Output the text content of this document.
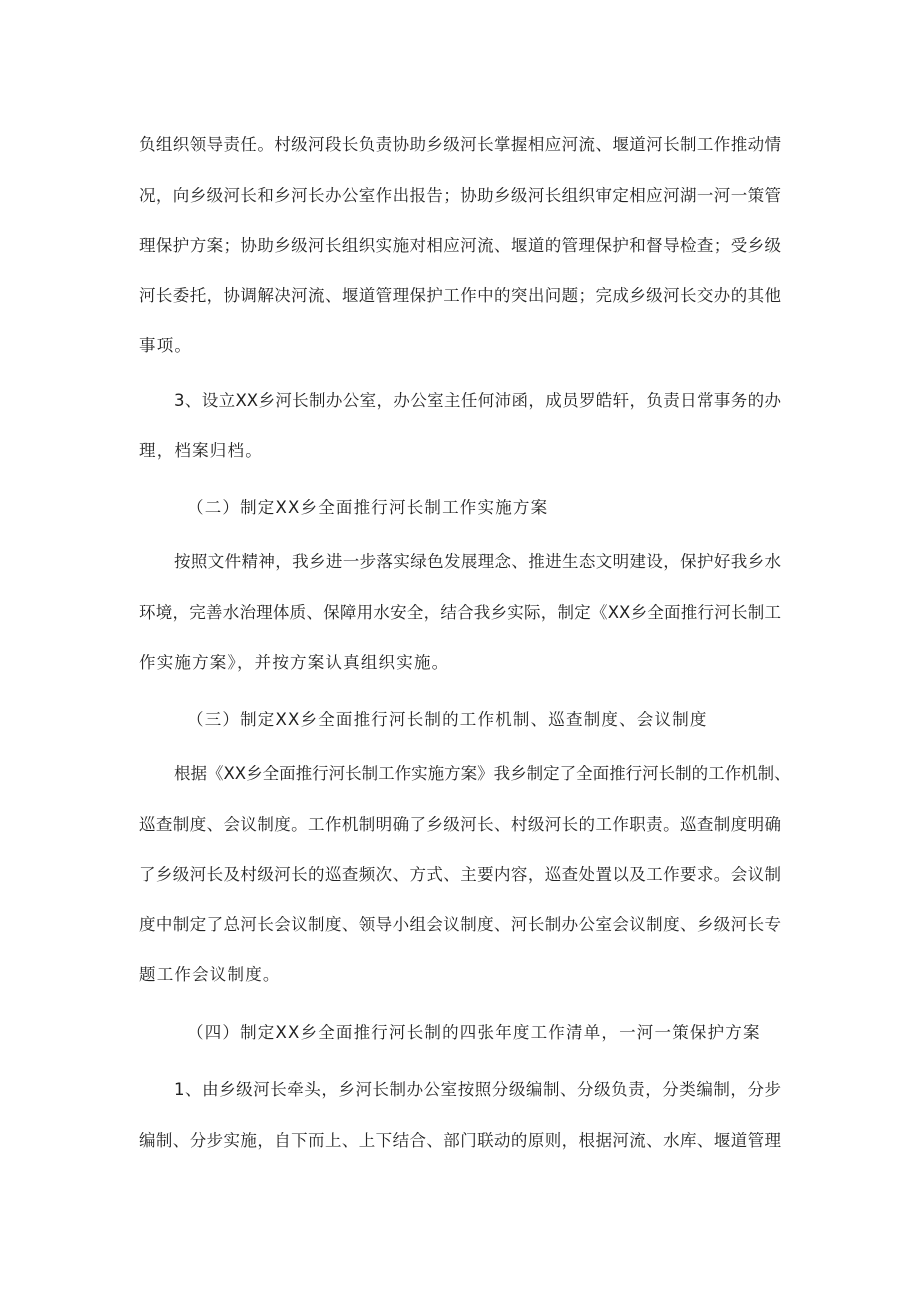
负组织领导责任。村级河段长负责协助乡级河长掌握相应河流、堰道河长制工作推动情
况，向乡级河长和乡河长办公室作出报告；协助乡级河长组织审定相应河湖一河一策管
理保护方案；协助乡级河长组织实施对相应河流、堰道的管理保护和督导检查；受乡级
河长委托，协调解决河流、堰道管理保护工作中的突出问题；完成乡级河长交办的其他
事项。
3、设立XX乡河长制办公室，办公室主任何沛函，成员罗皓轩，负责日常事务的办
理，档案归档。
（二）制定XX乡全面推行河长制工作实施方案
按照文件精神，我乡进一步落实绿色发展理念、推进生态文明建设，保护好我乡水
环境，完善水治理体质、保障用水安全，结合我乡实际，制定《XX乡全面推行河长制工
作实施方案》，并按方案认真组织实施。
（三）制定XX乡全面推行河长制的工作机制、巡查制度、会议制度
根据《XX乡全面推行河长制工作实施方案》我乡制定了全面推行河长制的工作机制、
巡查制度、会议制度。工作机制明确了乡级河长、村级河长的工作职责。巡查制度明确
了乡级河长及村级河长的巡查频次、方式、主要内容，巡查处置以及工作要求。会议制
度中制定了总河长会议制度、领导小组会议制度、河长制办公室会议制度、乡级河长专
题工作会议制度。
（四）制定XX乡全面推行河长制的四张年度工作清单，一河一策保护方案
1、由乡级河长牵头，乡河长制办公室按照分级编制、分级负责，分类编制，分步
编制、分步实施，自下而上、上下结合、部门联动的原则，根据河流、水库、堰道管理
